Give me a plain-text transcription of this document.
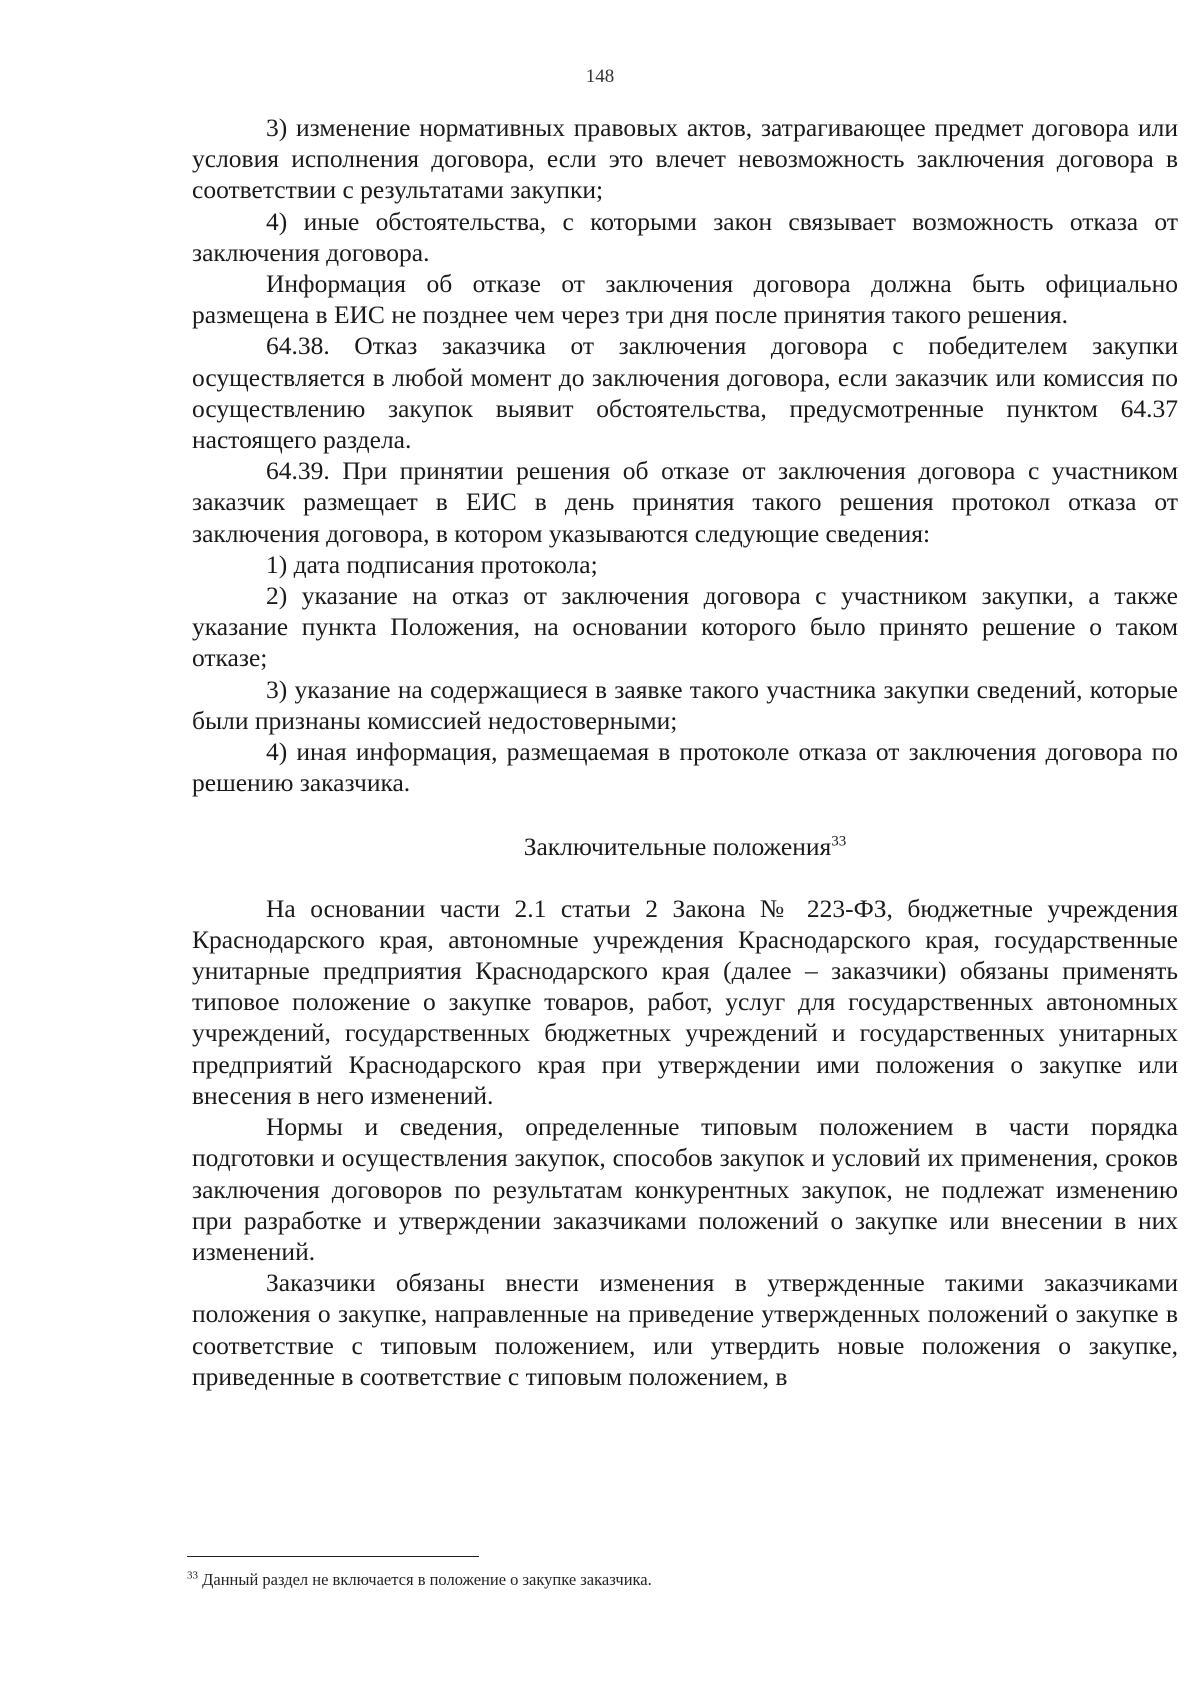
148

3) изменение нормативных правовых актов, затрагивающее предмет договора или условия исполнения договора, если это влечет невозможность заключения договора в соответствии с результатами закупки;

4) иные обстоятельства, с которыми закон связывает возможность отказа от заключения договора.

Информация об отказе от заключения договора должна быть официально размещена в ЕИС не позднее чем через три дня после принятия такого решения.

64.38. Отказ заказчика от заключения договора с победителем закупки осуществляется в любой момент до заключения договора, если заказчик или комиссия по осуществлению закупок выявит обстоятельства, предусмотренные пунктом 64.37 настоящего раздела.

64.39. При принятии решения об отказе от заключения договора с участником заказчик размещает в ЕИС в день принятия такого решения протокол отказа от заключения договора, в котором указываются следующие сведения:

1) дата подписания протокола;

2) указание на отказ от заключения договора с участником закупки, а также указание пункта Положения, на основании которого было принято решение о таком отказе;

3) указание на содержащиеся в заявке такого участника закупки сведений, которые были признаны комиссией недостоверными;

4) иная информация, размещаемая в протоколе отказа от заключения договора по решению заказчика.

Заключительные положения$^{33}$

На основании части 2.1 статьи 2 Закона № 223-ФЗ, бюджетные учреждения Краснодарского края, автономные учреждения Краснодарского края, государственные унитарные предприятия Краснодарского края (далее – заказчики) обязаны применять типовое положение о закупке товаров, работ, услуг для государственных автономных учреждений, государственных бюджетных учреждений и государственных унитарных предприятий Краснодарского края при утверждении ими положения о закупке или внесения в него изменений.

Нормы и сведения, определенные типовым положением в части порядка подготовки и осуществления закупок, способов закупок и условий их применения, сроков заключения договоров по результатам конкурентных закупок, не подлежат изменению при разработке и утверждении заказчиками положений о закупке или внесении в них изменений.

Заказчики обязаны внести изменения в утвержденные такими заказчиками положения о закупке, направленные на приведение утвержденных положений о закупке в соответствие с типовым положением, или утвердить новые положения о закупке, приведенные в соответствие с типовым положением, в

$^{33}$ Данный раздел не включается в положение о закупке заказчика.
